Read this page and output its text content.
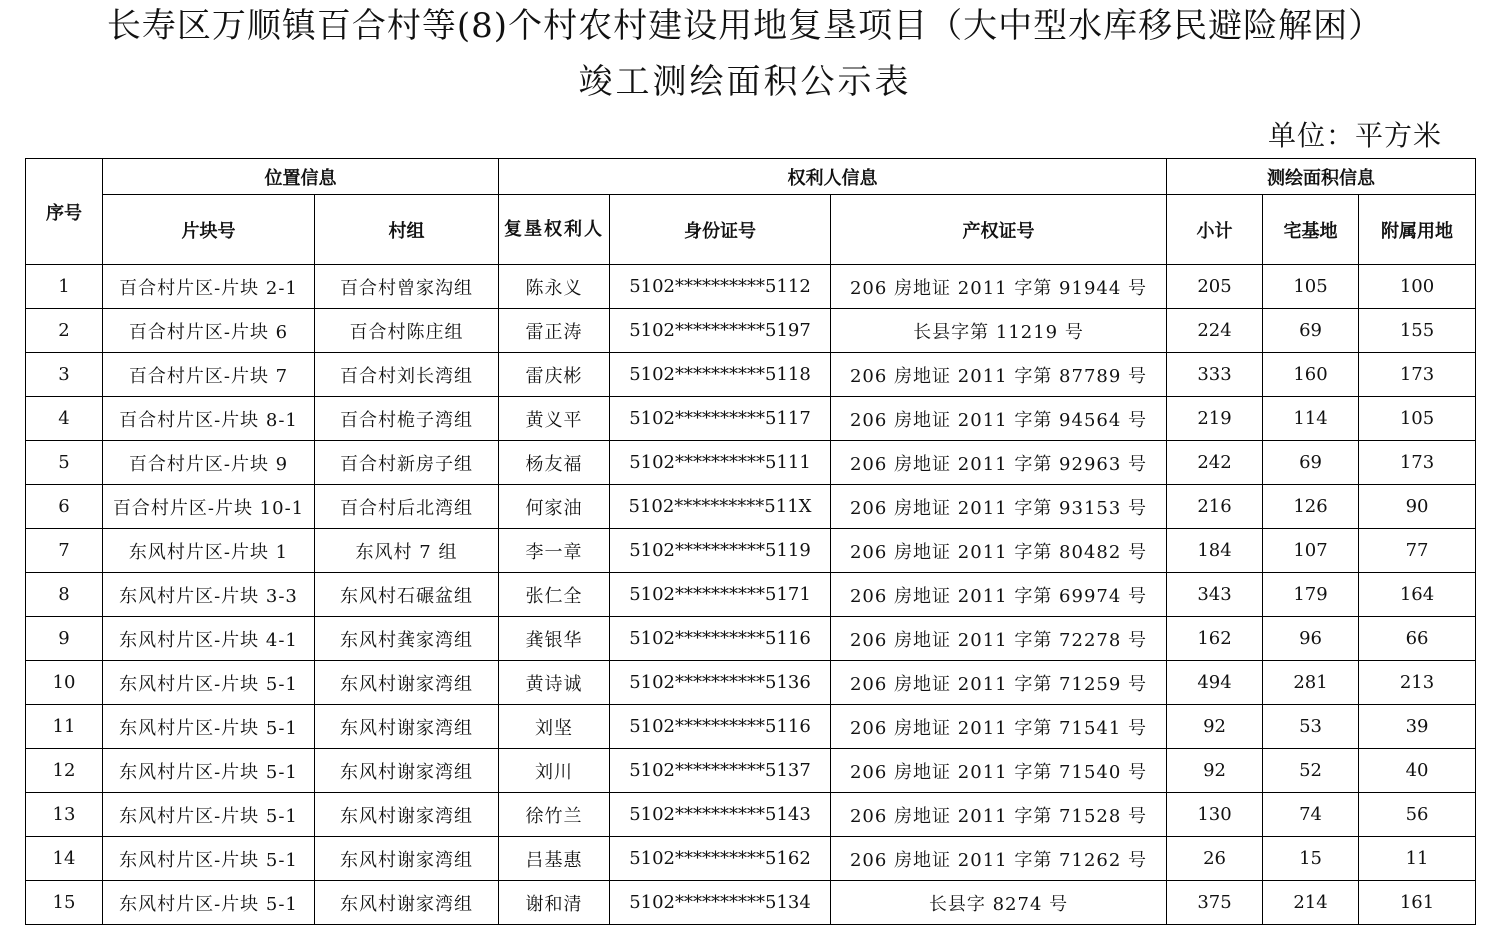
长寿区万顺镇百合村等(8)个村农村建设用地复垦项目（大中型水库移民避险解困）
竣工测绘面积公示表
单位：平方米
序号	位置信息		权利人信息			测绘面积信息		
	片块号	村组	复垦权利人	身份证号	产权证号	小计	宅基地	附属用地
1	百合村片区-片块 2-1	百合村曾家沟组	陈永义	5102**********5112	206 房地证 2011 字第 91944 号	205	105	100
2	百合村片区-片块 6	百合村陈庄组	雷正涛	5102**********5197	长县字第 11219 号	224	69	155
3	百合村片区-片块 7	百合村刘长湾组	雷庆彬	5102**********5118	206 房地证 2011 字第 87789 号	333	160	173
4	百合村片区-片块 8-1	百合村桅子湾组	黄义平	5102**********5117	206 房地证 2011 字第 94564 号	219	114	105
5	百合村片区-片块 9	百合村新房子组	杨友福	5102**********5111	206 房地证 2011 字第 92963 号	242	69	173
6	百合村片区-片块 10-1	百合村后北湾组	何家油	5102**********511X	206 房地证 2011 字第 93153 号	216	126	90
7	东风村片区-片块 1	东风村 7 组	李一章	5102**********5119	206 房地证 2011 字第 80482 号	184	107	77
8	东风村片区-片块 3-3	东风村石碾盆组	张仁全	5102**********5171	206 房地证 2011 字第 69974 号	343	179	164
9	东风村片区-片块 4-1	东风村龚家湾组	龚银华	5102**********5116	206 房地证 2011 字第 72278 号	162	96	66
10	东风村片区-片块 5-1	东风村谢家湾组	黄诗诚	5102**********5136	206 房地证 2011 字第 71259 号	494	281	213
11	东风村片区-片块 5-1	东风村谢家湾组	刘坚	5102**********5116	206 房地证 2011 字第 71541 号	92	53	39
12	东风村片区-片块 5-1	东风村谢家湾组	刘川	5102**********5137	206 房地证 2011 字第 71540 号	92	52	40
13	东风村片区-片块 5-1	东风村谢家湾组	徐竹兰	5102**********5143	206 房地证 2011 字第 71528 号	130	74	56
14	东风村片区-片块 5-1	东风村谢家湾组	吕基惠	5102**********5162	206 房地证 2011 字第 71262 号	26	15	11
15	东风村片区-片块 5-1	东风村谢家湾组	谢和清	5102**********5134	长县字 8274 号	375	214	161
